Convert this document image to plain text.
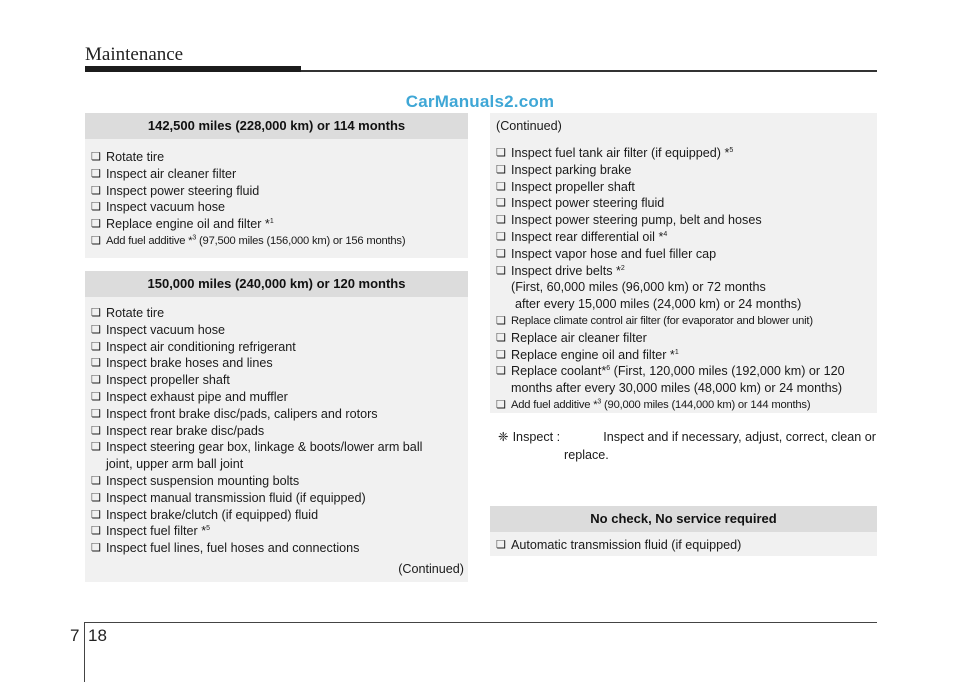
Maintenance
CarManuals2.com
142,500 miles (228,000 km) or 114 months
❏ Rotate tire
❏ Inspect air cleaner filter
❏ Inspect power steering fluid
❏ Inspect vacuum hose
❏ Replace engine oil and filter *$^1$
❏ Add fuel additive *$^3$ (97,500 miles (156,000 km) or 156 months)
150,000 miles (240,000 km) or 120 months
❏ Rotate tire
❏ Inspect vacuum hose
❏ Inspect air conditioning refrigerant
❏ Inspect brake hoses and lines
❏ Inspect propeller shaft
❏ Inspect exhaust pipe and muffler
❏ Inspect front brake disc/pads, calipers and rotors
❏ Inspect rear brake disc/pads
❏ Inspect steering gear box, linkage & boots/lower arm ball
joint, upper arm ball joint
❏ Inspect suspension mounting bolts
❏ Inspect manual transmission fluid (if equipped)
❏ Inspect brake/clutch (if equipped) fluid
❏ Inspect fuel filter *$^5$
❏ Inspect fuel lines, fuel hoses and connections
(Continued)
(Continued)
❏ Inspect fuel tank air filter (if equipped) *$^5$
❏ Inspect parking brake
❏ Inspect propeller shaft
❏ Inspect power steering fluid
❏ Inspect power steering pump, belt and hoses
❏ Inspect rear differential oil *$^4$
❏ Inspect vapor hose and fuel filler cap
❏ Inspect drive belts *$^2$
(First, 60,000 miles (96,000 km) or 72 months
after every 15,000 miles (24,000 km) or 24 months)
❏ Replace climate control air filter (for evaporator and blower unit)
❏ Replace air cleaner filter
❏ Replace engine oil and filter *$^1$
❏ Replace coolant*$^6$ (First, 120,000 miles (192,000 km) or 120
months after every 30,000 miles (48,000 km) or 24 months)
❏ Add fuel additive *$^3$ (90,000 miles (144,000 km) or 144 months)
❈ Inspect :	Inspect and if necessary, adjust, correct, clean or
replace.
No check, No service required
❏ Automatic transmission fluid (if equipped)
7 18
